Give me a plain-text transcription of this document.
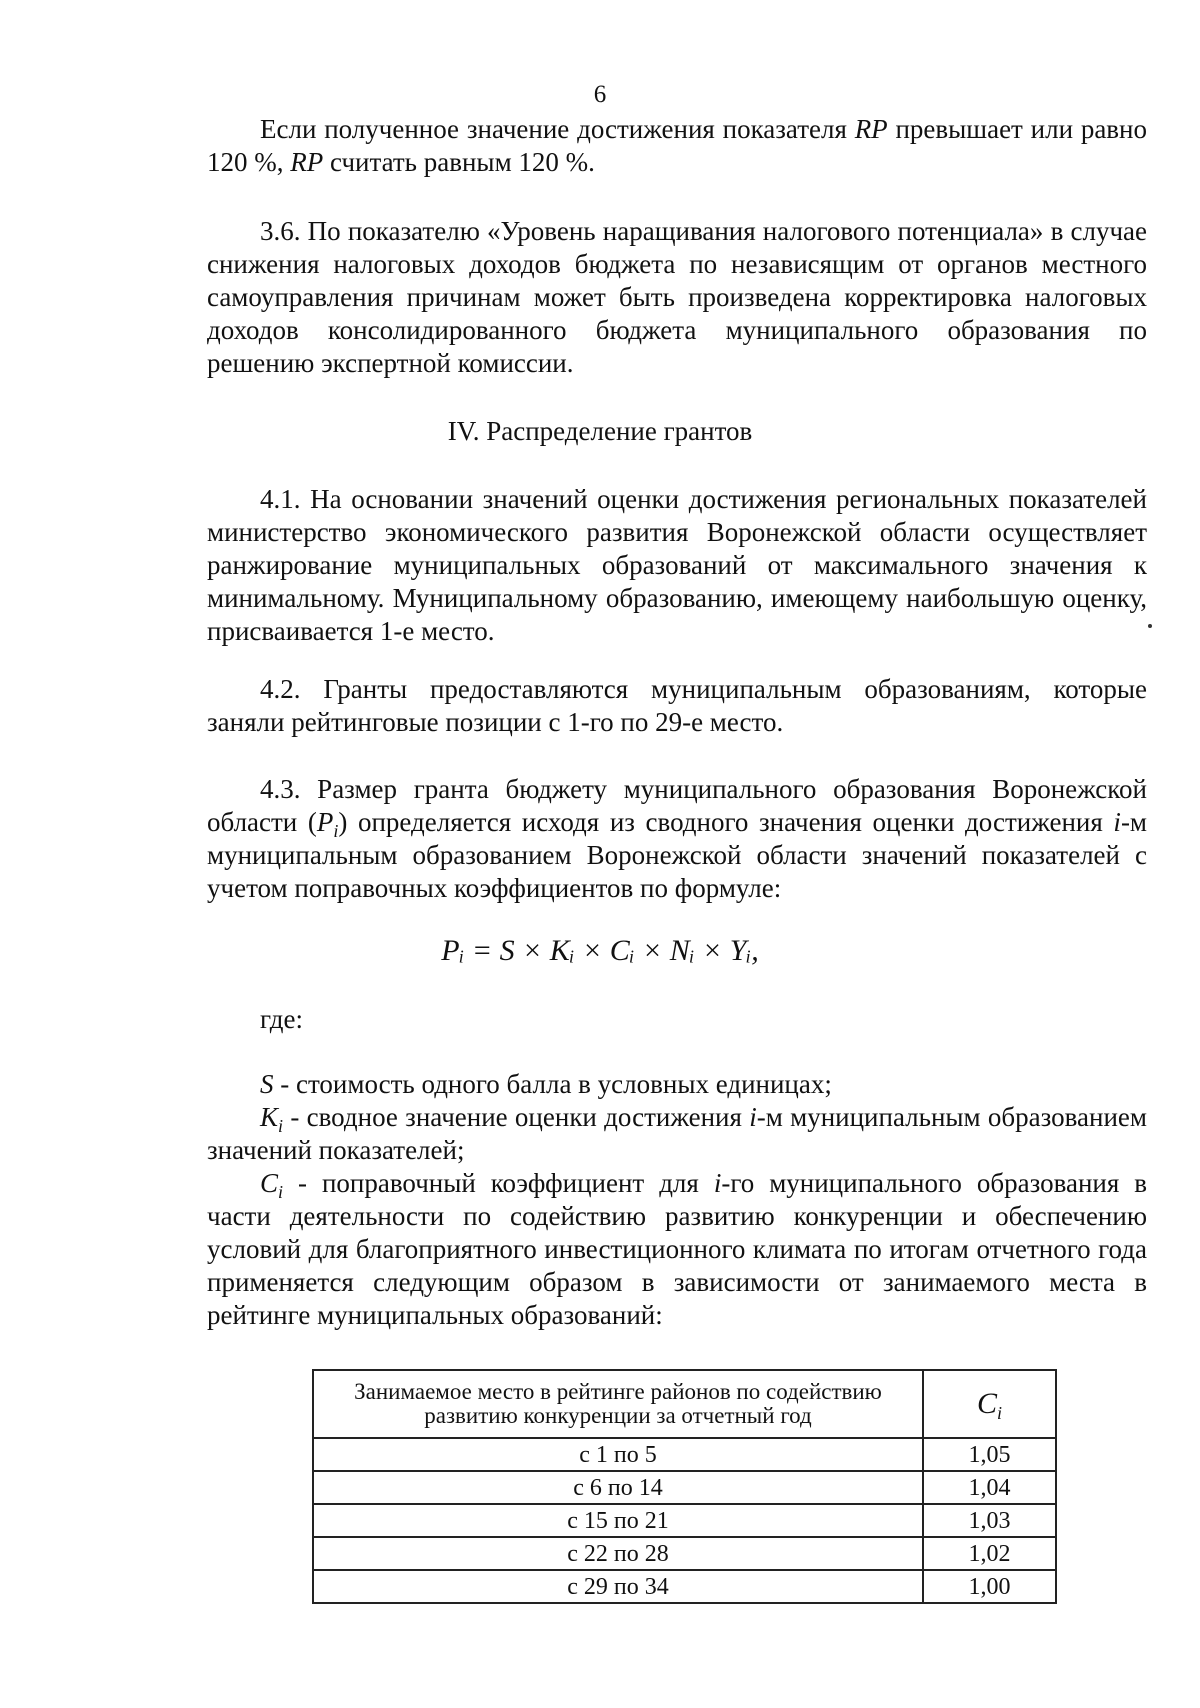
6

Если полученное значение достижения показателя RP превышает или равно 120 %, RP считать равным 120 %.

3.6. По показателю «Уровень наращивания налогового потенциала» в случае снижения налоговых доходов бюджета по независящим от органов местного самоуправления причинам может быть произведена корректировка налоговых доходов консолидированного бюджета муниципального образования по решению экспертной комиссии.

IV. Распределение грантов

4.1. На основании значений оценки достижения региональных показателей министерство экономического развития Воронежской области осуществляет ранжирование муниципальных образований от максимального значения к минимальному. Муниципальному образованию, имеющему наибольшую оценку, присваивается 1-е место.

4.2. Гранты предоставляются муниципальным образованиям, которые заняли рейтинговые позиции с 1-го по 29-е место.

4.3. Размер гранта бюджету муниципального образования Воронежской области $(P_i)$ определяется исходя из сводного значения оценки достижения i-м муниципальным образованием Воронежской области значений показателей с учетом поправочных коэффициентов по формуле:

Pᵢ = S × Kᵢ × Cᵢ × Nᵢ × Yᵢ,

где:

S - стоимость одного балла в условных единицах;

$K_i$ - сводное значение оценки достижения i-м муниципальным образованием значений показателей;

$C_i$ - поправочный коэффициент для i-го муниципального образования в части деятельности по содействию развитию конкуренции и обеспечению условий для благоприятного инвестиционного климата по итогам отчетного года применяется следующим образом в зависимости от занимаемого места в рейтинге муниципальных образований:

Занимаемое место в рейтинге районов по содействию развитию конкуренции за отчетный год	$C_i$
с 1 по 5	1,05
с 6 по 14	1,04
с 15 по 21	1,03
с 22 по 28	1,02
с 29 по 34	1,00
